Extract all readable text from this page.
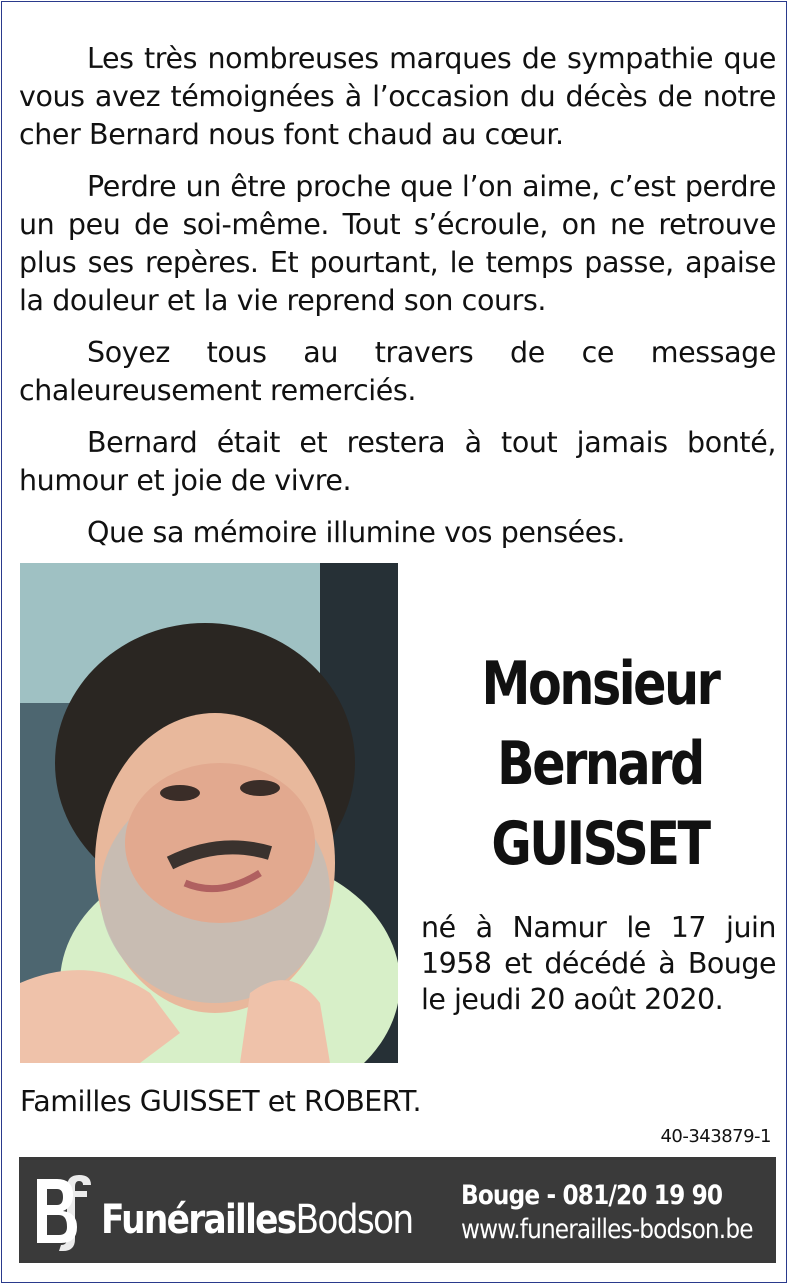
Les très nombreuses marques de sympathie que vous avez témoignées à l’occasion du décès de notre cher Bernard nous font chaud au cœur.

Perdre un être proche que l’on aime, c’est perdre un peu de soi-même. Tout s’écroule, on ne retrouve plus ses repères. Et pourtant, le temps passe, apaise la douleur et la vie reprend son cours.

Soyez tous au travers de ce message chaleureusement remerciés.

Bernard était et restera à tout jamais bonté, humour et joie de vivre.

Que sa mémoire illumine vos pensées.

Monsieur
Bernard
GUISSET
né à Namur le 17 juin 1958 et décédé à Bouge le jeudi 20 août 2020.
Familles GUISSET et ROBERT.
40-343879-1
FunéraillesBodson
Bouge - 081/20 19 90
www.funerailles-bodson.be
